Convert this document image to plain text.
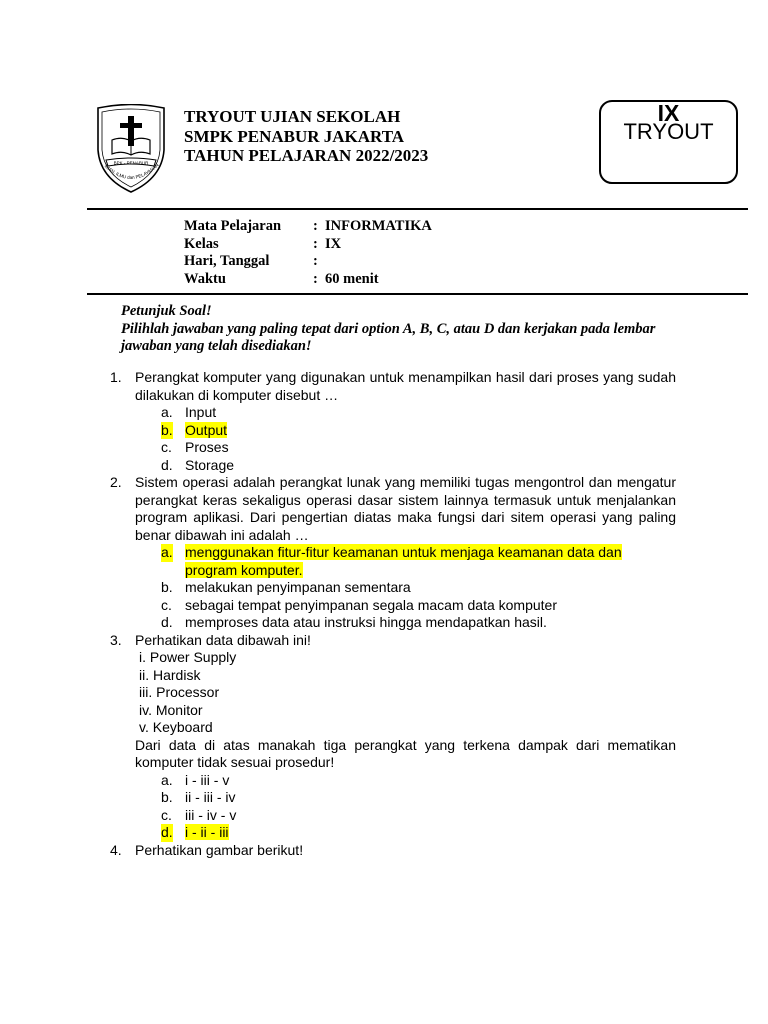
BPK - PENABUR
IMAN, ILMU dan PELAYANAN
TRYOUT UJIAN SEKOLAH
SMPK PENABUR JAKARTA
TAHUN PELAJARAN 2022/2023
IX
TRYOUT
Mata Pelajaran	: INFORMATIKA
Kelas	: IX
Hari, Tanggal	:
Waktu	: 60 menit
Petunjuk Soal!
Pilihlah jawaban yang paling tepat dari option A, B, C, atau D dan kerjakan pada lembar jawaban yang telah disediakan!
1. Perangkat komputer yang digunakan untuk menampilkan hasil dari proses yang sudah dilakukan di komputer disebut …
a. Input
b. Output
c. Proses
d. Storage
2. Sistem operasi adalah perangkat lunak yang memiliki tugas mengontrol dan mengatur perangkat keras sekaligus operasi dasar sistem lainnya termasuk untuk menjalankan program aplikasi. Dari pengertian diatas maka fungsi dari sitem operasi yang paling benar dibawah ini adalah …
a. menggunakan fitur-fitur keamanan untuk menjaga keamanan data dan program komputer.
b. melakukan penyimpanan sementara
c. sebagai tempat penyimpanan segala macam data komputer
d. memproses data atau instruksi hingga mendapatkan hasil.
3. Perhatikan data dibawah ini!
i. Power Supply
ii. Hardisk
iii. Processor
iv. Monitor
v. Keyboard
Dari data di atas manakah tiga perangkat yang terkena dampak dari mematikan komputer tidak sesuai prosedur!
a. i - iii - v
b. ii - iii - iv
c. iii - iv - v
d. i - ii - iii
4. Perhatikan gambar berikut!
